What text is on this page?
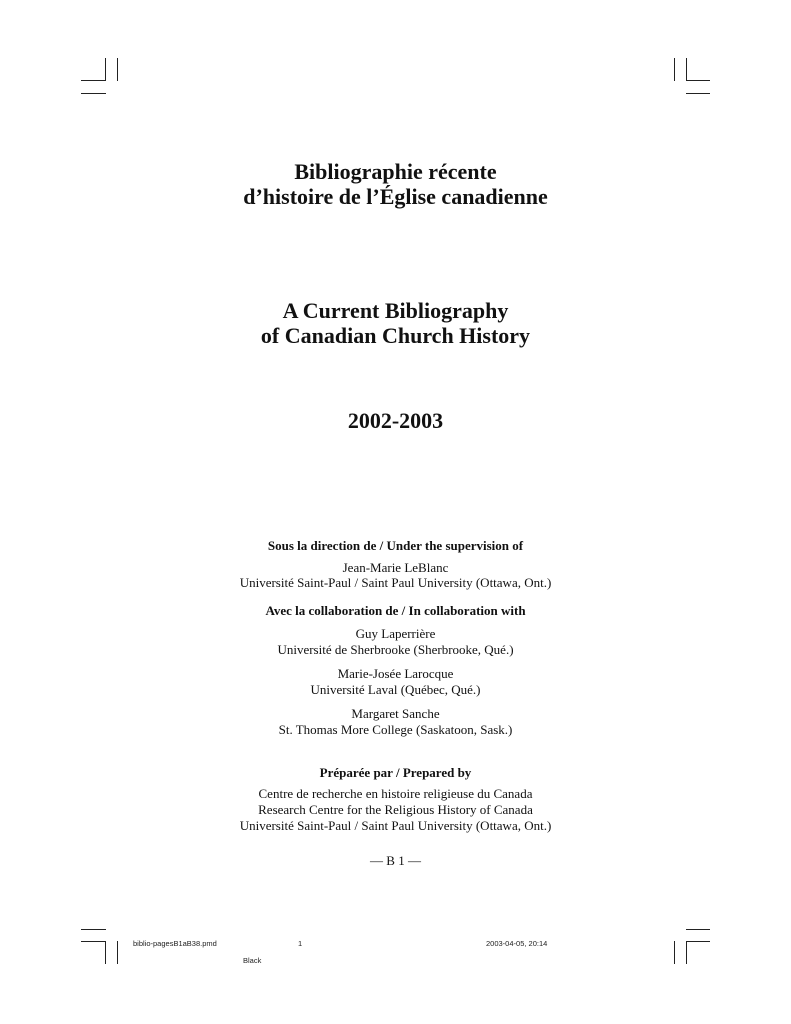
Bibliographie récente
d’histoire de l’Église canadienne
A Current Bibliography
of Canadian Church History
2002-2003
Sous la direction de / Under the supervision of
Jean-Marie LeBlanc
Université Saint-Paul / Saint Paul University (Ottawa, Ont.)
Avec la collaboration de / In collaboration with
Guy Laperrière
Université de Sherbrooke (Sherbrooke, Qué.)
Marie-Josée Larocque
Université Laval (Québec, Qué.)
Margaret Sanche
St. Thomas More College (Saskatoon, Sask.)
Préparée par / Prepared by
Centre de recherche en histoire religieuse du Canada
Research Centre for the Religious History of Canada
Université Saint-Paul / Saint Paul University (Ottawa, Ont.)
— B 1 —
biblio-pagesB1aB38.pmd	1	2003-04-05, 20:14
Black
